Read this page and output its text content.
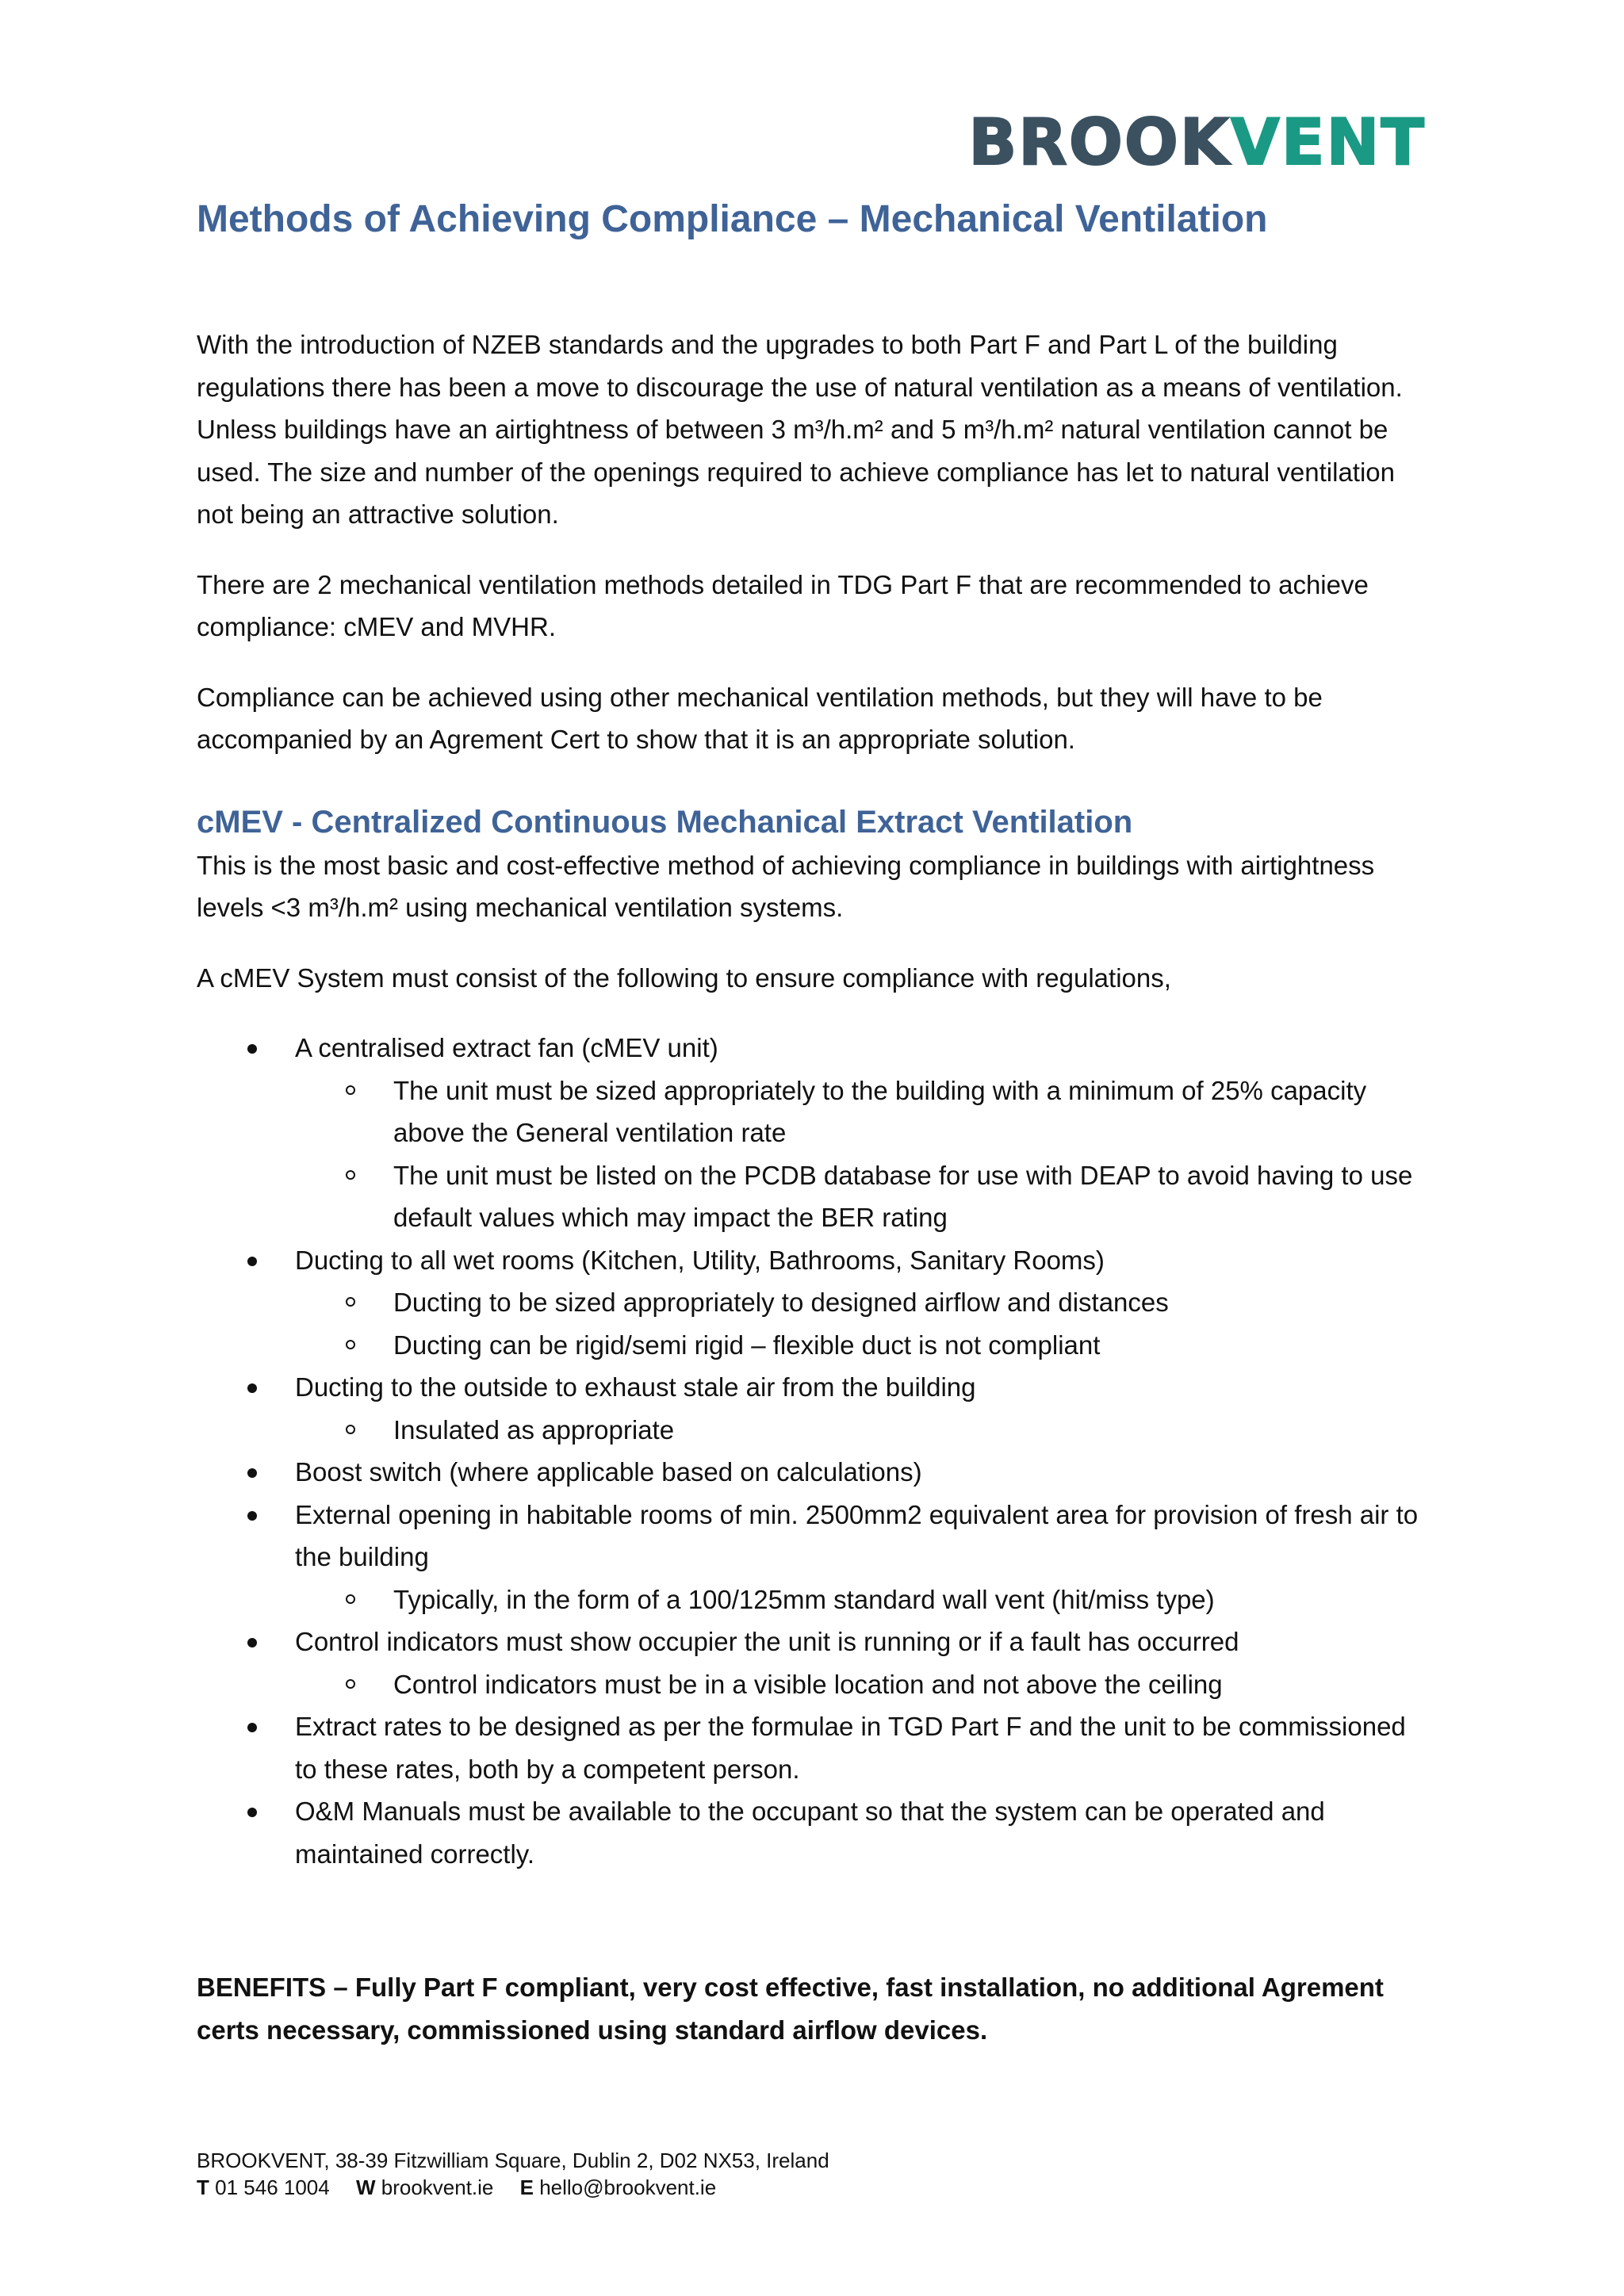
BROOKVENT
Methods of Achieving Compliance – Mechanical Ventilation

With the introduction of NZEB standards and the upgrades to both Part F and Part L of the building regulations there has been a move to discourage the use of natural ventilation as a means of ventilation. Unless buildings have an airtightness of between 3 m³/h.m² and 5 m³/h.m² natural ventilation cannot be used. The size and number of the openings required to achieve compliance has let to natural ventilation not being an attractive solution.

There are 2 mechanical ventilation methods detailed in TDG Part F that are recommended to achieve compliance: cMEV and MVHR.

Compliance can be achieved using other mechanical ventilation methods, but they will have to be accompanied by an Agrement Cert to show that it is an appropriate solution.

cMEV - Centralized Continuous Mechanical Extract Ventilation

This is the most basic and cost-effective method of achieving compliance in buildings with airtightness levels <3 m³/h.m² using mechanical ventilation systems.

A cMEV System must consist of the following to ensure compliance with regulations,

A centralised extract fan (cMEV unit)
The unit must be sized appropriately to the building with a minimum of 25% capacity above the General ventilation rate
The unit must be listed on the PCDB database for use with DEAP to avoid having to use default values which may impact the BER rating
Ducting to all wet rooms (Kitchen, Utility, Bathrooms, Sanitary Rooms)
Ducting to be sized appropriately to designed airflow and distances
Ducting can be rigid/semi rigid – flexible duct is not compliant
Ducting to the outside to exhaust stale air from the building
Insulated as appropriate
Boost switch (where applicable based on calculations)
External opening in habitable rooms of min. 2500mm2 equivalent area for provision of fresh air to the building
Typically, in the form of a 100/125mm standard wall vent (hit/miss type)
Control indicators must show occupier the unit is running or if a fault has occurred
Control indicators must be in a visible location and not above the ceiling
Extract rates to be designed as per the formulae in TGD Part F and the unit to be commissioned to these rates, both by a competent person.
O&M Manuals must be available to the occupant so that the system can be operated and maintained correctly.

BENEFITS – Fully Part F compliant, very cost effective, fast installation, no additional Agrement certs necessary, commissioned using standard airflow devices.

BROOKVENT, 38-39 Fitzwilliam Square, Dublin 2, D02 NX53, Ireland
T 01 546 1004 W brookvent.ie E hello@brookvent.ie
